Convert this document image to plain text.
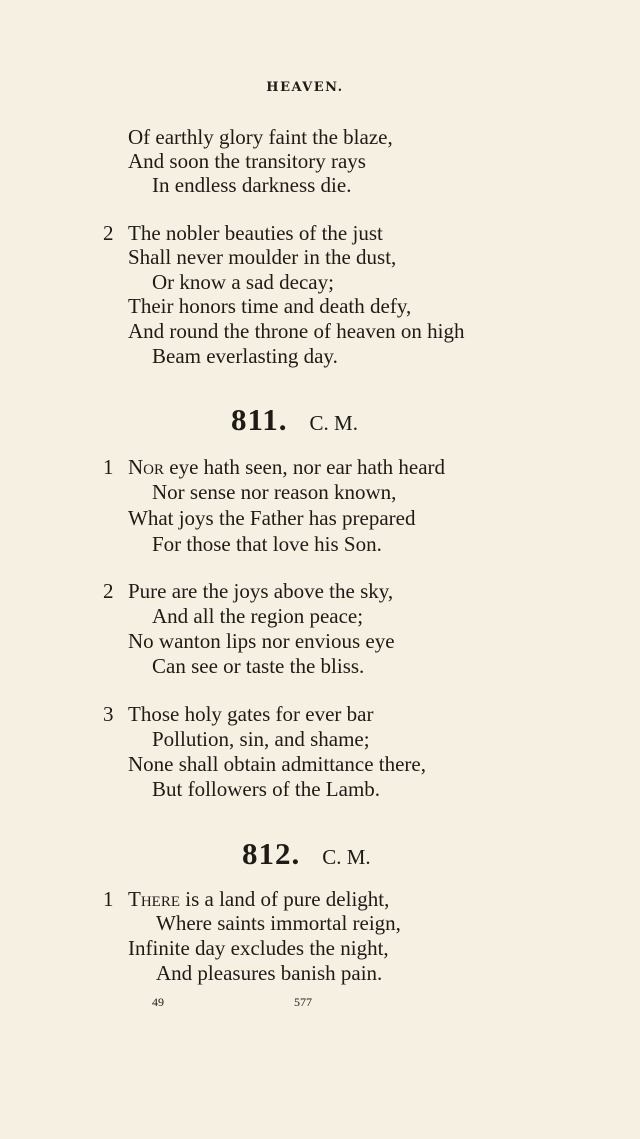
HEAVEN.
Of earthly glory faint the blaze,
And soon the transitory rays
In endless darkness die.
2 The nobler beauties of the just
Shall never moulder in the dust,
Or know a sad decay;
Their honors time and death defy,
And round the throne of heaven on high
Beam everlasting day.
811. C. M.
1 Nor eye hath seen, nor ear hath heard
Nor sense nor reason known,
What joys the Father has prepared
For those that love his Son.
2 Pure are the joys above the sky,
And all the region peace;
No wanton lips nor envious eye
Can see or taste the bliss.
3 Those holy gates for ever bar
Pollution, sin, and shame;
None shall obtain admittance there,
But followers of the Lamb.
812. C. M.
1 There is a land of pure delight,
Where saints immortal reign,
Infinite day excludes the night,
And pleasures banish pain.
49	577
